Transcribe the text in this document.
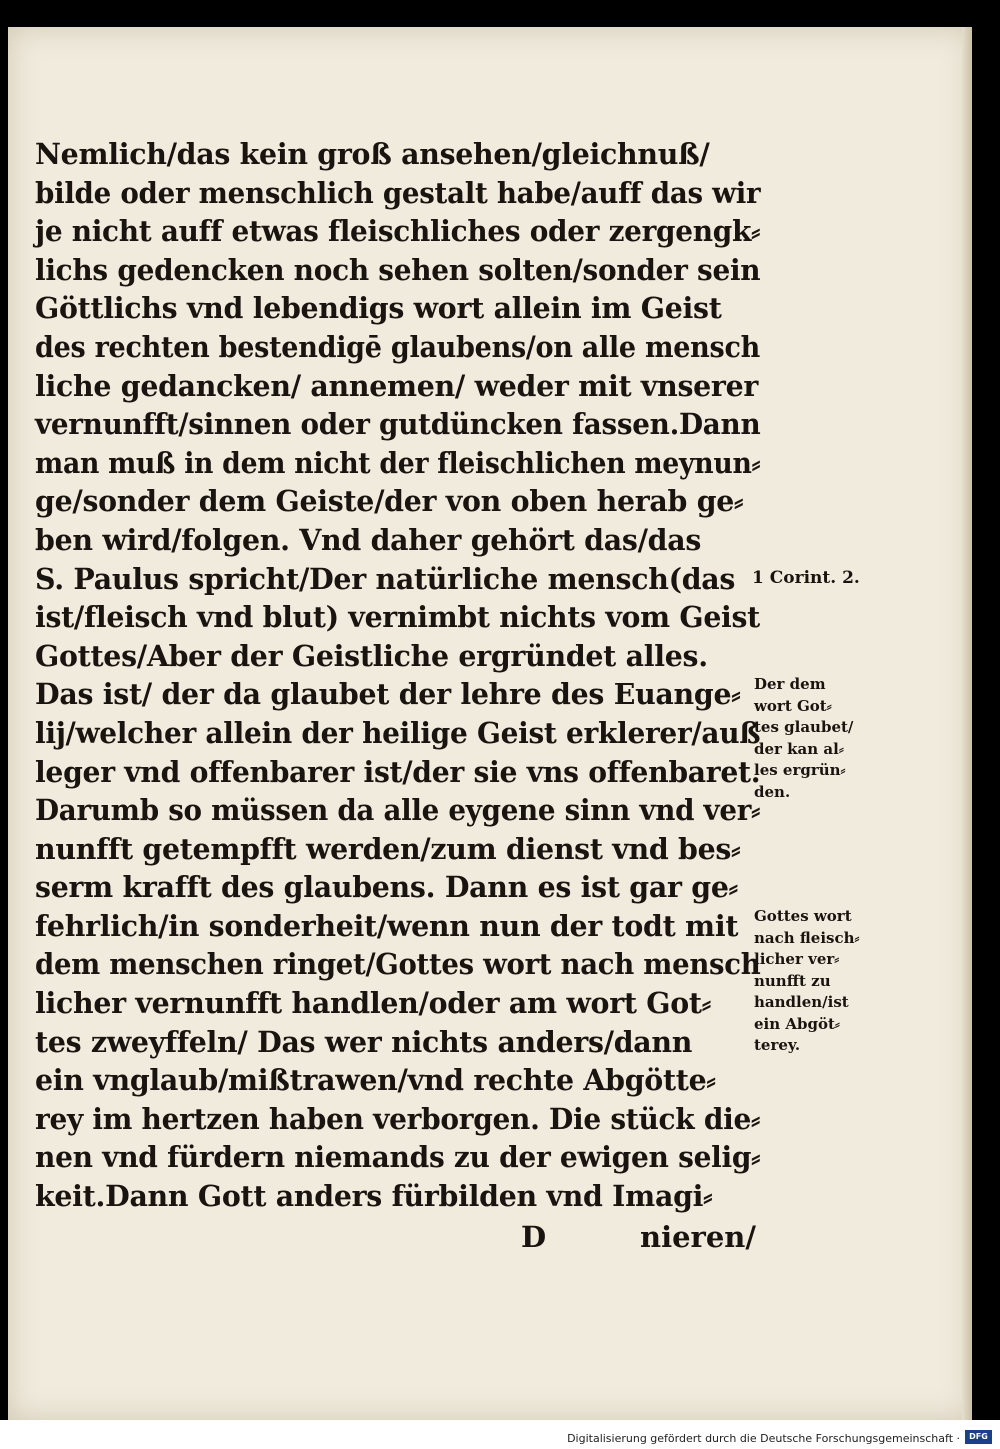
Nemlich/das kein groß ansehen/gleichnuß/
bilde oder menschlich gestalt habe/auff das wir
je nicht auff etwas fleischliches oder zergengk⸗
lichs gedencken noch sehen solten/sonder sein
Göttlichs vnd lebendigs wort allein im Geist
des rechten bestendigē glaubens/on alle mensch
liche gedancken/ annemen/ weder mit vnserer
vernunfft/sinnen oder gutdüncken fassen.Dann
man muß in dem nicht der fleischlichen meynun⸗
ge/sonder dem Geiste/der von oben herab ge⸗
ben wird/folgen. Vnd daher gehört das/das
S. Paulus spricht/Der natürliche mensch(das
ist/fleisch vnd blut) vernimbt nichts vom Geist
Gottes/Aber der Geistliche ergründet alles.
Das ist/ der da glaubet der lehre des Euange⸗
lij/welcher allein der heilige Geist erklerer/auß
leger vnd offenbarer ist/der sie vns offenbaret.
Darumb so müssen da alle eygene sinn vnd ver⸗
nunfft getempfft werden/zum dienst vnd bes⸗
serm krafft des glaubens. Dann es ist gar ge⸗
fehrlich/in sonderheit/wenn nun der todt mit
dem menschen ringet/Gottes wort nach mensch
licher vernunfft handlen/oder am wort Got⸗
tes zweyffeln/ Das wer nichts anders/dann
ein vnglaub/mißtrawen/vnd rechte Abgötte⸗
rey im hertzen haben verborgen. Die stück die⸗
nen vnd fürdern niemands zu der ewigen selig⸗
keit.Dann Gott anders fürbilden vnd Imagi⸗
D	nieren/
1 Corint. 2.
Der dem
wort Got⸗
tes glaubet/
der kan al⸗
les ergrün⸗
den.
Gottes wort
nach fleisch⸗
licher ver⸗
nunfft zu
handlen/ist
ein Abgöt⸗
terey.
Digitalisierung gefördert durch die Deutsche Forschungsgemeinschaft ·	DFG
